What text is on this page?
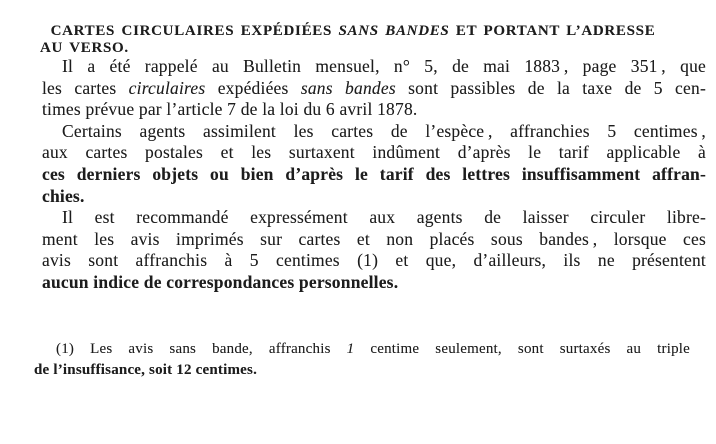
CARTES CIRCULAIRES EXPÉDIÉES SANS BANDES ET PORTANT L’ADRESSE AU VERSO.
Il a été rappelé au Bulletin mensuel, n° 5, de mai 1883 , page 351 , que
les cartes circulaires expédiées sans bandes sont passibles de la taxe de 5 cen-
times prévue par l’article 7 de la loi du 6 avril 1878.
Certains agents assimilent les cartes de l’espèce , affranchies 5 centimes ,
aux cartes postales et les surtaxent indûment d’après le tarif applicable à
ces derniers objets ou bien d’après le tarif des lettres insuffisamment affran-
chies.
Il est recommandé expressément aux agents de laisser circuler libre-
ment les avis imprimés sur cartes et non placés sous bandes , lorsque ces
avis sont affranchis à 5 centimes (1) et que, d’ailleurs, ils ne présentent
aucun indice de correspondances personnelles.
(1) Les avis sans bande, affranchis 1 centime seulement, sont surtaxés au triple
de l’insuffisance, soit 12 centimes.
